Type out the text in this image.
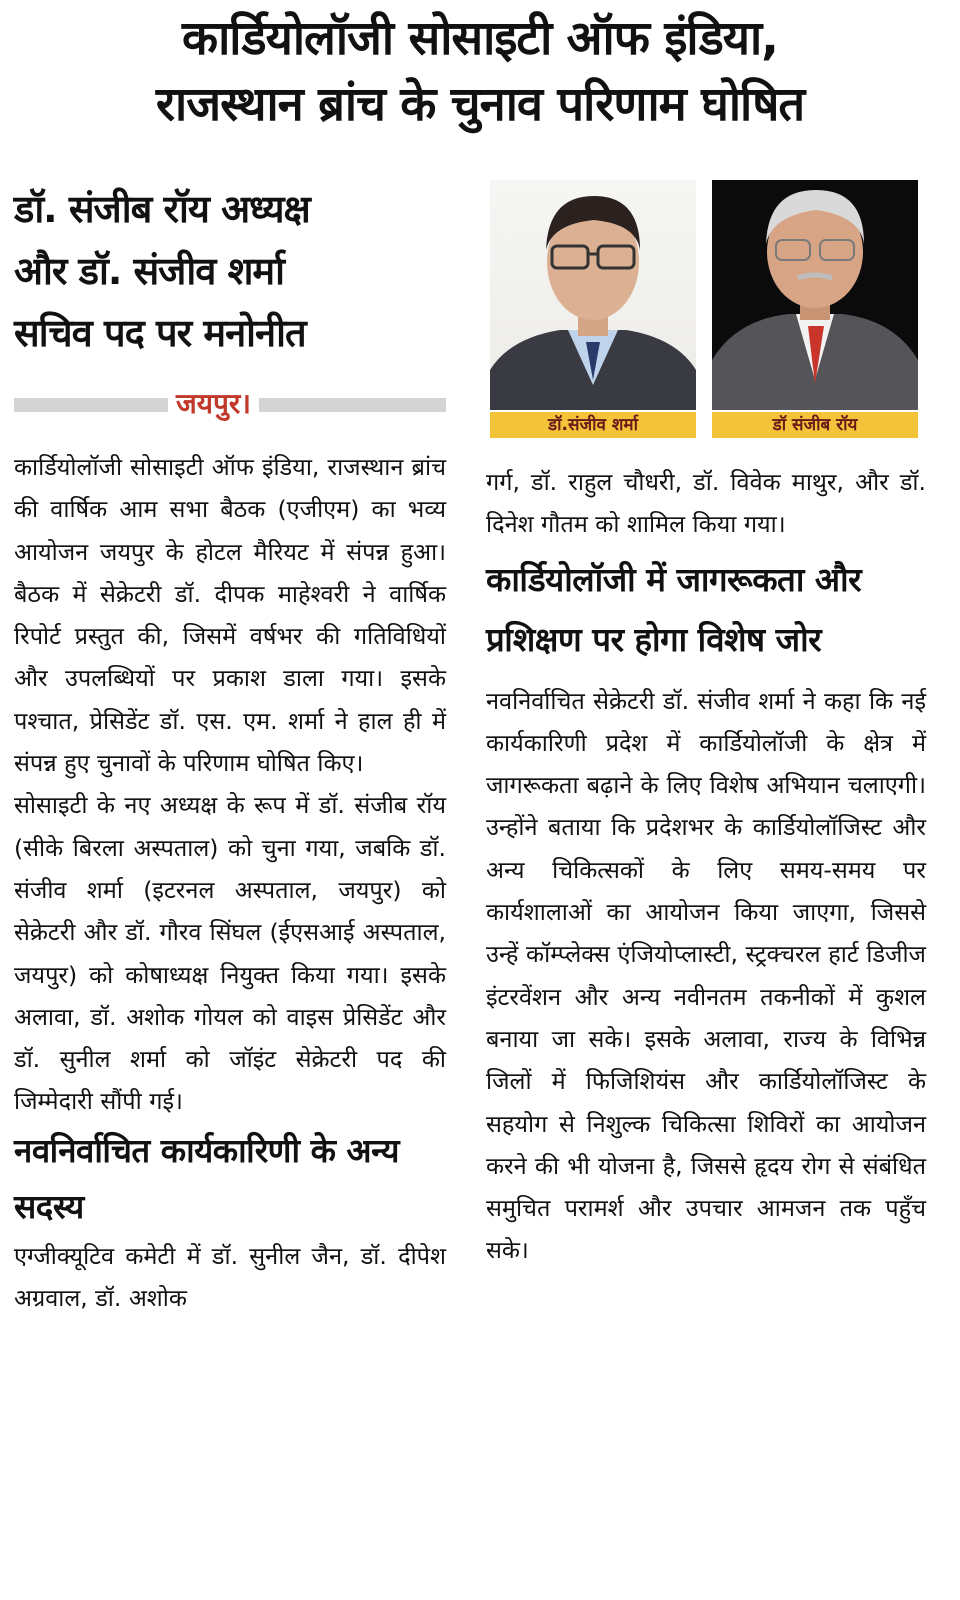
कार्डियोलॉजी सोसाइटी ऑफ इंडिया,
राजस्थान ब्रांच के चुनाव परिणाम घोषित
डॉ. संजीब रॉय अध्यक्ष
और डॉ. संजीव शर्मा
सचिव पद पर मनोनीत
जयपुर।
डॉ.संजीव शर्मा	डॉ संजीब रॉय

कार्डियोलॉजी सोसाइटी ऑफ इंडिया, राजस्थान ब्रांच की वार्षिक आम सभा बैठक (एजीएम) का भव्य आयोजन जयपुर के होटल मैरियट में संपन्न हुआ। बैठक में सेक्रेटरी डॉ. दीपक माहेश्वरी ने वार्षिक रिपोर्ट प्रस्तुत की, जिसमें वर्षभर की गतिविधियों और उपलब्धियों पर प्रकाश डाला गया। इसके पश्चात, प्रेसिडेंट डॉ. एस. एम. शर्मा ने हाल ही में संपन्न हुए चुनावों के परिणाम घोषित किए।

सोसाइटी के नए अध्यक्ष के रूप में डॉ. संजीब रॉय (सीके बिरला अस्पताल) को चुना गया, जबकि डॉ. संजीव शर्मा (इटरनल अस्पताल, जयपुर) को सेक्रेटरी और डॉ. गौरव सिंघल (ईएसआई अस्पताल, जयपुर) को कोषाध्यक्ष नियुक्त किया गया। इसके अलावा, डॉ. अशोक गोयल को वाइस प्रेसिडेंट और डॉ. सुनील शर्मा को जॉइंट सेक्रेटरी पद की जिम्मेदारी सौंपी गई।

नवनिर्वाचित कार्यकारिणी के अन्य सदस्य

एग्जीक्यूटिव कमेटी में डॉ. सुनील जैन, डॉ. दीपेश अग्रवाल, डॉ. अशोक

गर्ग, डॉ. राहुल चौधरी, डॉ. विवेक माथुर, और डॉ. दिनेश गौतम को शामिल किया गया।

कार्डियोलॉजी में जागरूकता और प्रशिक्षण पर होगा विशेष जोर

नवनिर्वाचित सेक्रेटरी डॉ. संजीव शर्मा ने कहा कि नई कार्यकारिणी प्रदेश में कार्डियोलॉजी के क्षेत्र में जागरूकता बढ़ाने के लिए विशेष अभियान चलाएगी। उन्होंने बताया कि प्रदेशभर के कार्डियोलॉजिस्ट और अन्य चिकित्सकों के लिए समय-समय पर कार्यशालाओं का आयोजन किया जाएगा, जिससे उन्हें कॉम्प्लेक्स एंजियोप्लास्टी, स्ट्रक्चरल हार्ट डिजीज इंटरवेंशन और अन्य नवीनतम तकनीकों में कुशल बनाया जा सके। इसके अलावा, राज्य के विभिन्न जिलों में फिजिशियंस और कार्डियोलॉजिस्ट के सहयोग से निशुल्क चिकित्सा शिविरों का आयोजन करने की भी योजना है, जिससे हृदय रोग से संबंधित समुचित परामर्श और उपचार आमजन तक पहुँच सके।
